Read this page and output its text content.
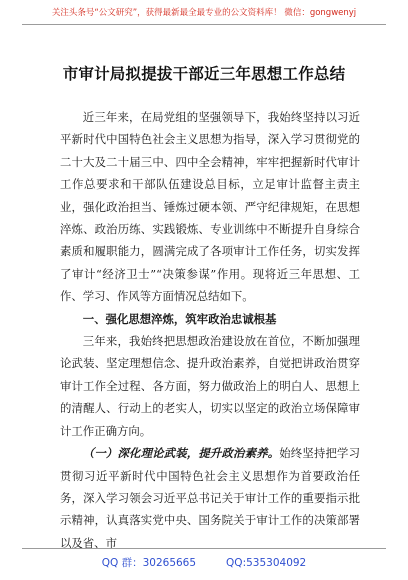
关注头条号“公文研究”，获得最新最全最专业的公文资料库！ 微信：gongwenyj
市审计局拟提拔干部近三年思想工作总结

近三年来，在局党组的坚强领导下，我始终坚持以习近平新时代中国特色社会主义思想为指导，深入学习贯彻党的二十大及二十届三中、四中全会精神，牢牢把握新时代审计工作总要求和干部队伍建设总目标，立足审计监督主责主业，强化政治担当、锤炼过硬本领、严守纪律规矩，在思想淬炼、政治历练、实践锻炼、专业训练中不断提升自身综合素质和履职能力，圆满完成了各项审计工作任务，切实发挥了审计“经济卫士”“决策参谋”作用。现将近三年思想、工作、学习、作风等方面情况总结如下。

一、强化思想淬炼，筑牢政治忠诚根基

三年来，我始终把思想政治建设放在首位，不断加强理论武装、坚定理想信念、提升政治素养，自觉把讲政治贯穿审计工作全过程、各方面，努力做政治上的明白人、思想上的清醒人、行动上的老实人，切实以坚定的政治立场保障审计工作正确方向。

（一）深化理论武装，提升政治素养。始终坚持把学习贯彻习近平新时代中国特色社会主义思想作为首要政治任务，深入学习领会习近平总书记关于审计工作的重要指示批示精神，认真落实党中央、国务院关于审计工作的决策部署以及省、市

QQ 群：30265665	QQ:535304092
